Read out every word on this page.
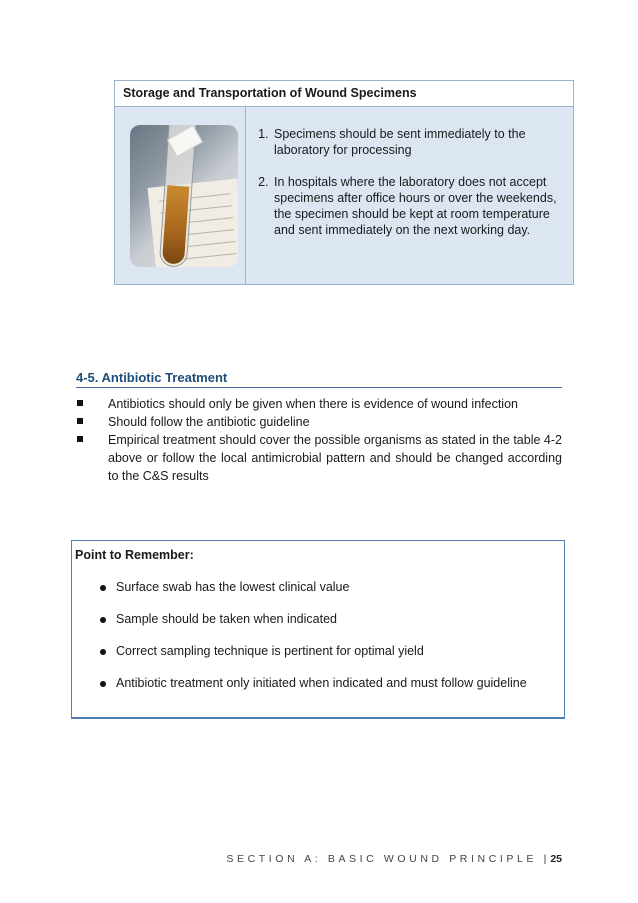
Storage and Transportation of Wound Specimens
1. Specimens should be sent immediately to the laboratory for processing
2. In hospitals where the laboratory does not accept specimens after office hours or over the weekends, the specimen should be kept at room temperature and sent immediately on the next working day.
4-5. Antibiotic Treatment
Antibiotics should only be given when there is evidence of wound infection
Should follow the antibiotic guideline
Empirical treatment should cover the possible organisms as stated in the table 4-2 above or follow the local antimicrobial pattern and should be changed according to the C&S results
Point to Remember:
Surface swab has the lowest clinical value
Sample should be taken when indicated
Correct sampling technique is pertinent for optimal yield
Antibiotic treatment only initiated when indicated and must follow guideline
SECTION A: BASIC WOUND PRINCIPLE | 25
